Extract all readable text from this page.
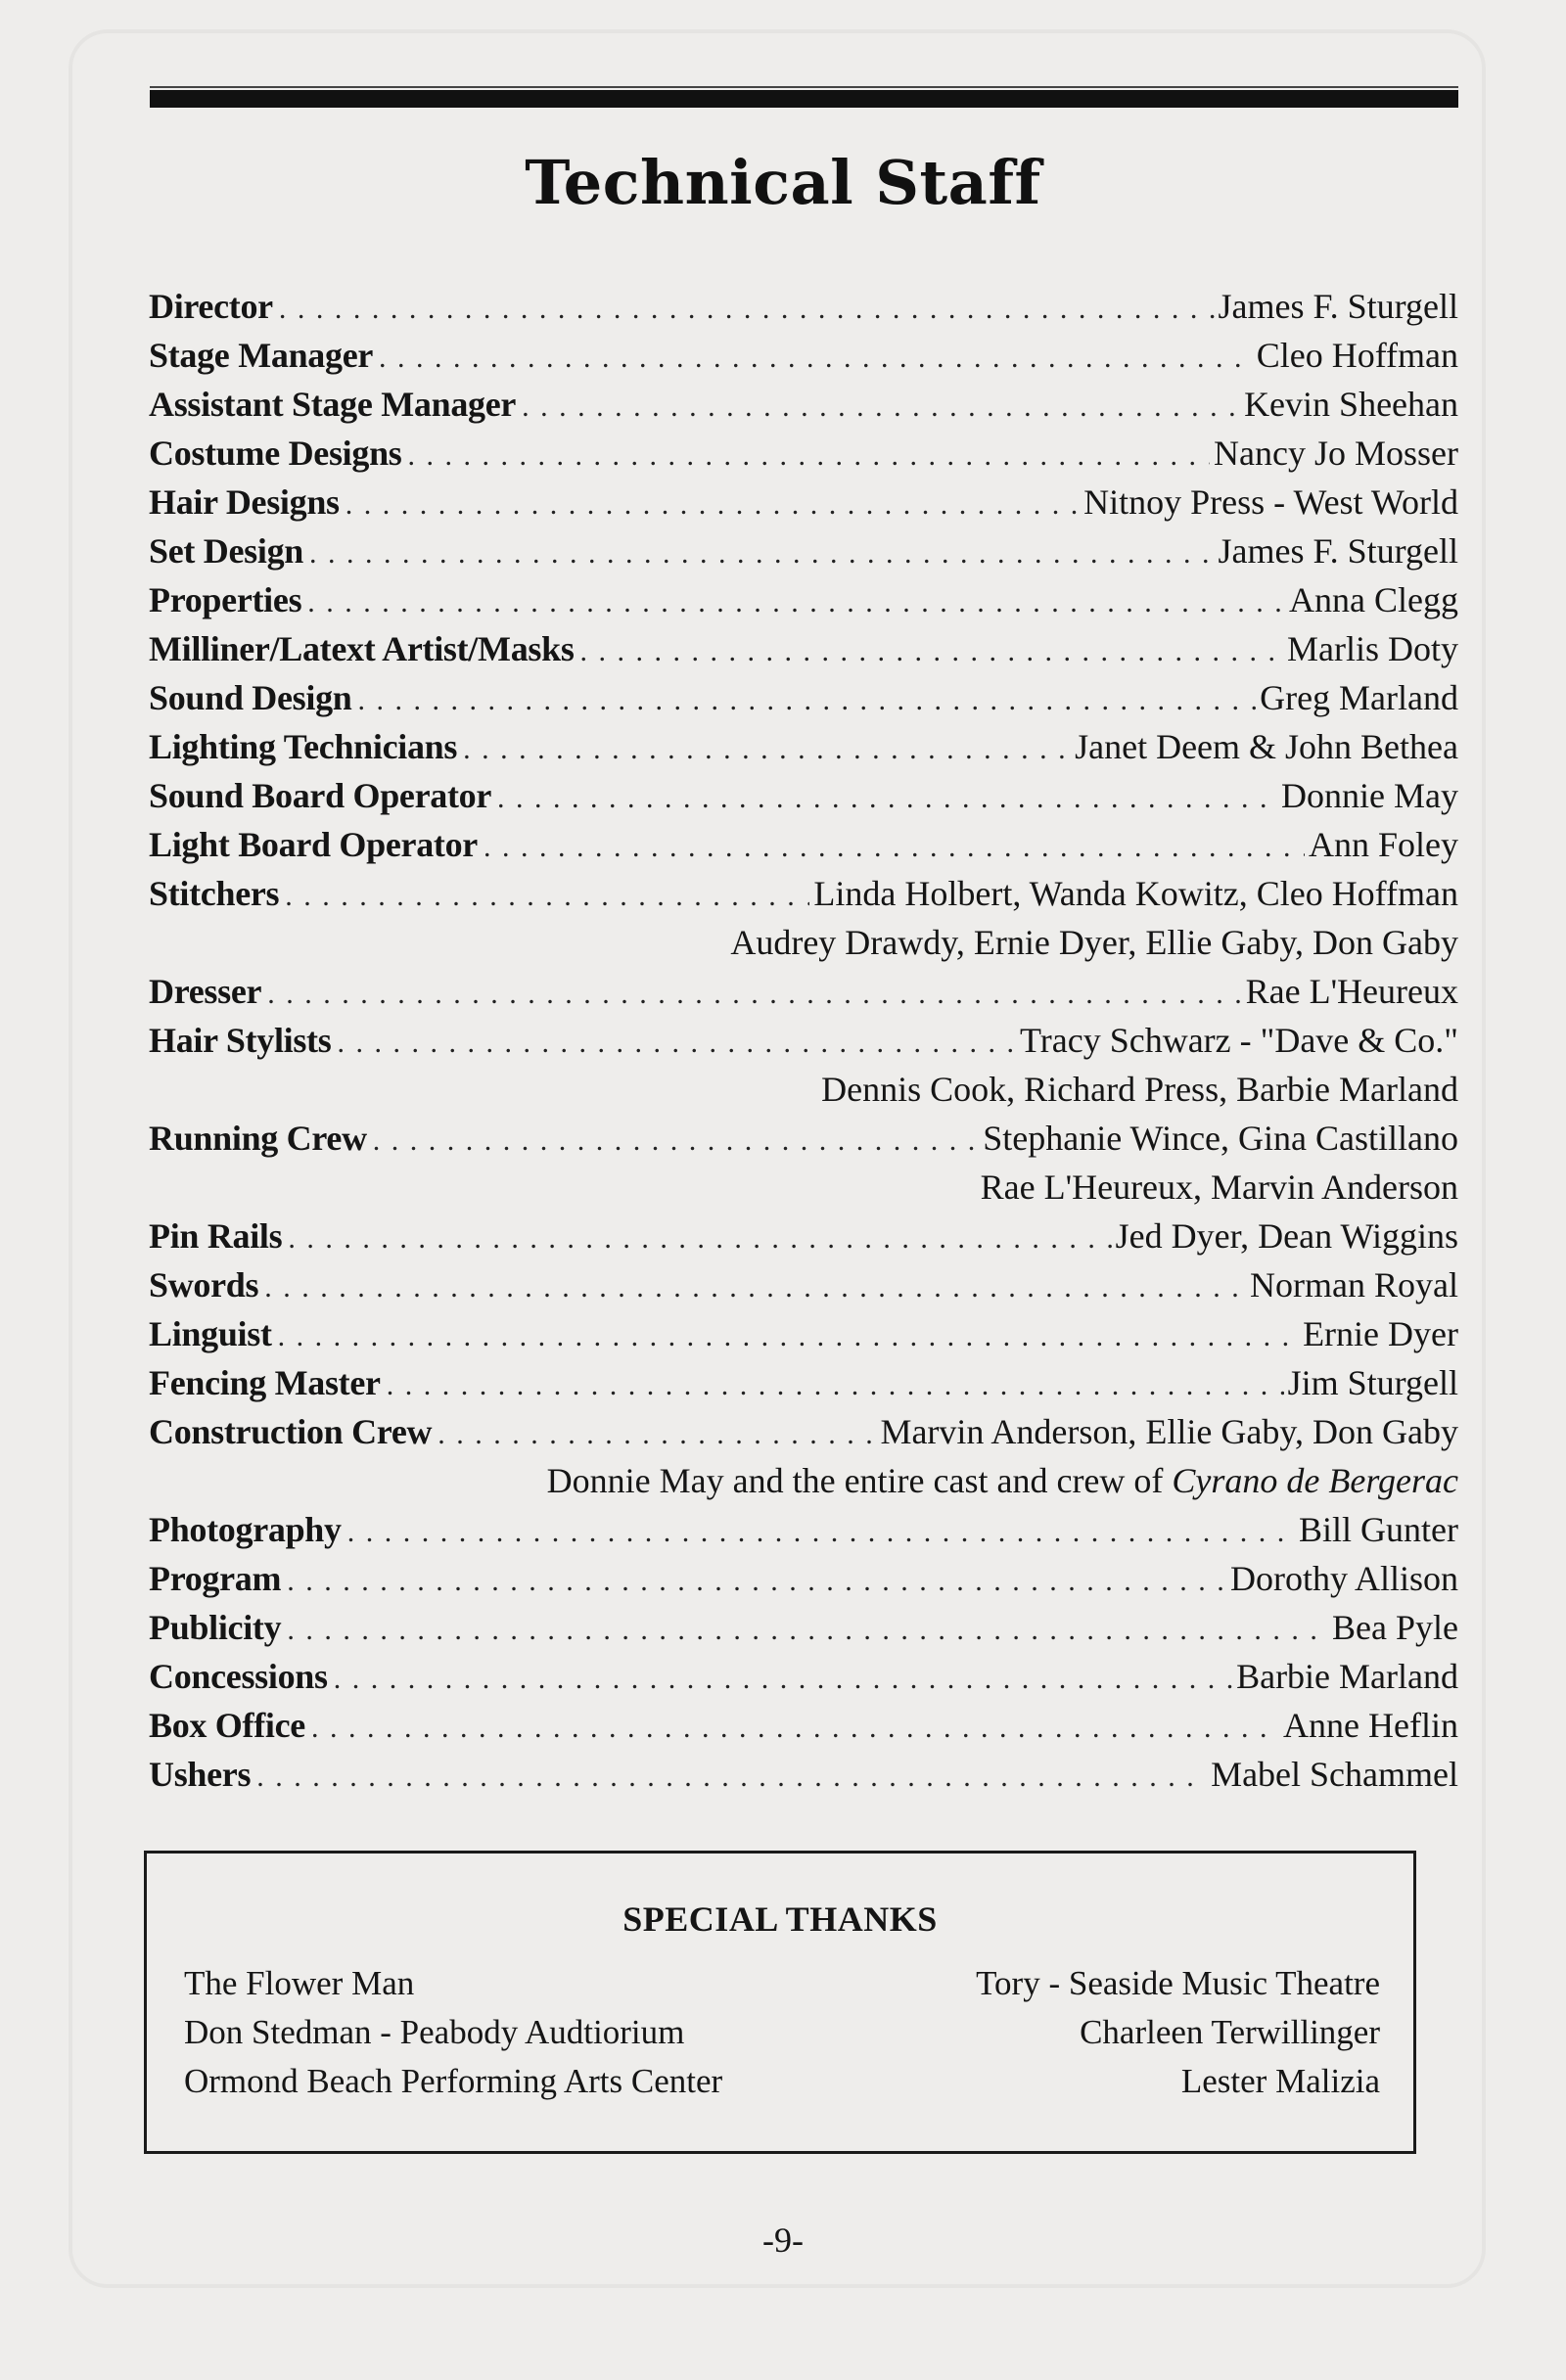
Technical Staff
Director . . .	James F. Sturgell
Stage Manager . . .	Cleo Hoffman
Assistant Stage Manager . . .	Kevin Sheehan
Costume Designs . . .	Nancy Jo Mosser
Hair Designs . . .	Nitnoy Press - West World
Set Design . . .	James F. Sturgell
Properties . . .	Anna Clegg
Milliner/Latext Artist/Masks . . .	Marlis Doty
Sound Design . . .	Greg Marland
Lighting Technicians . . .	Janet Deem & John Bethea
Sound Board Operator . . .	Donnie May
Light Board Operator . . .	Ann Foley
Stitchers . . .	Linda Holbert, Wanda Kowitz, Cleo Hoffman
Audrey Drawdy, Ernie Dyer, Ellie Gaby, Don Gaby
Dresser . . .	Rae L'Heureux
Hair Stylists . . .	Tracy Schwarz - "Dave & Co."
Dennis Cook, Richard Press, Barbie Marland
Running Crew . . .	Stephanie Wince, Gina Castillano
Rae L'Heureux, Marvin Anderson
Pin Rails . . .	Jed Dyer, Dean Wiggins
Swords . . .	Norman Royal
Linguist . . .	Ernie Dyer
Fencing Master . . .	Jim Sturgell
Construction Crew . . .	Marvin Anderson, Ellie Gaby, Don Gaby
Donnie May and the entire cast and crew of Cyrano de Bergerac
Photography . . .	Bill Gunter
Program . . .	Dorothy Allison
Publicity . . .	Bea Pyle
Concessions . . .	Barbie Marland
Box Office . . .	Anne Heflin
Ushers . . .	Mabel Schammel
SPECIAL THANKS
The Flower Man	Tory - Seaside Music Theatre
Don Stedman - Peabody Audtiorium	Charleen Terwillinger
Ormond Beach Performing Arts Center	Lester Malizia
-9-
